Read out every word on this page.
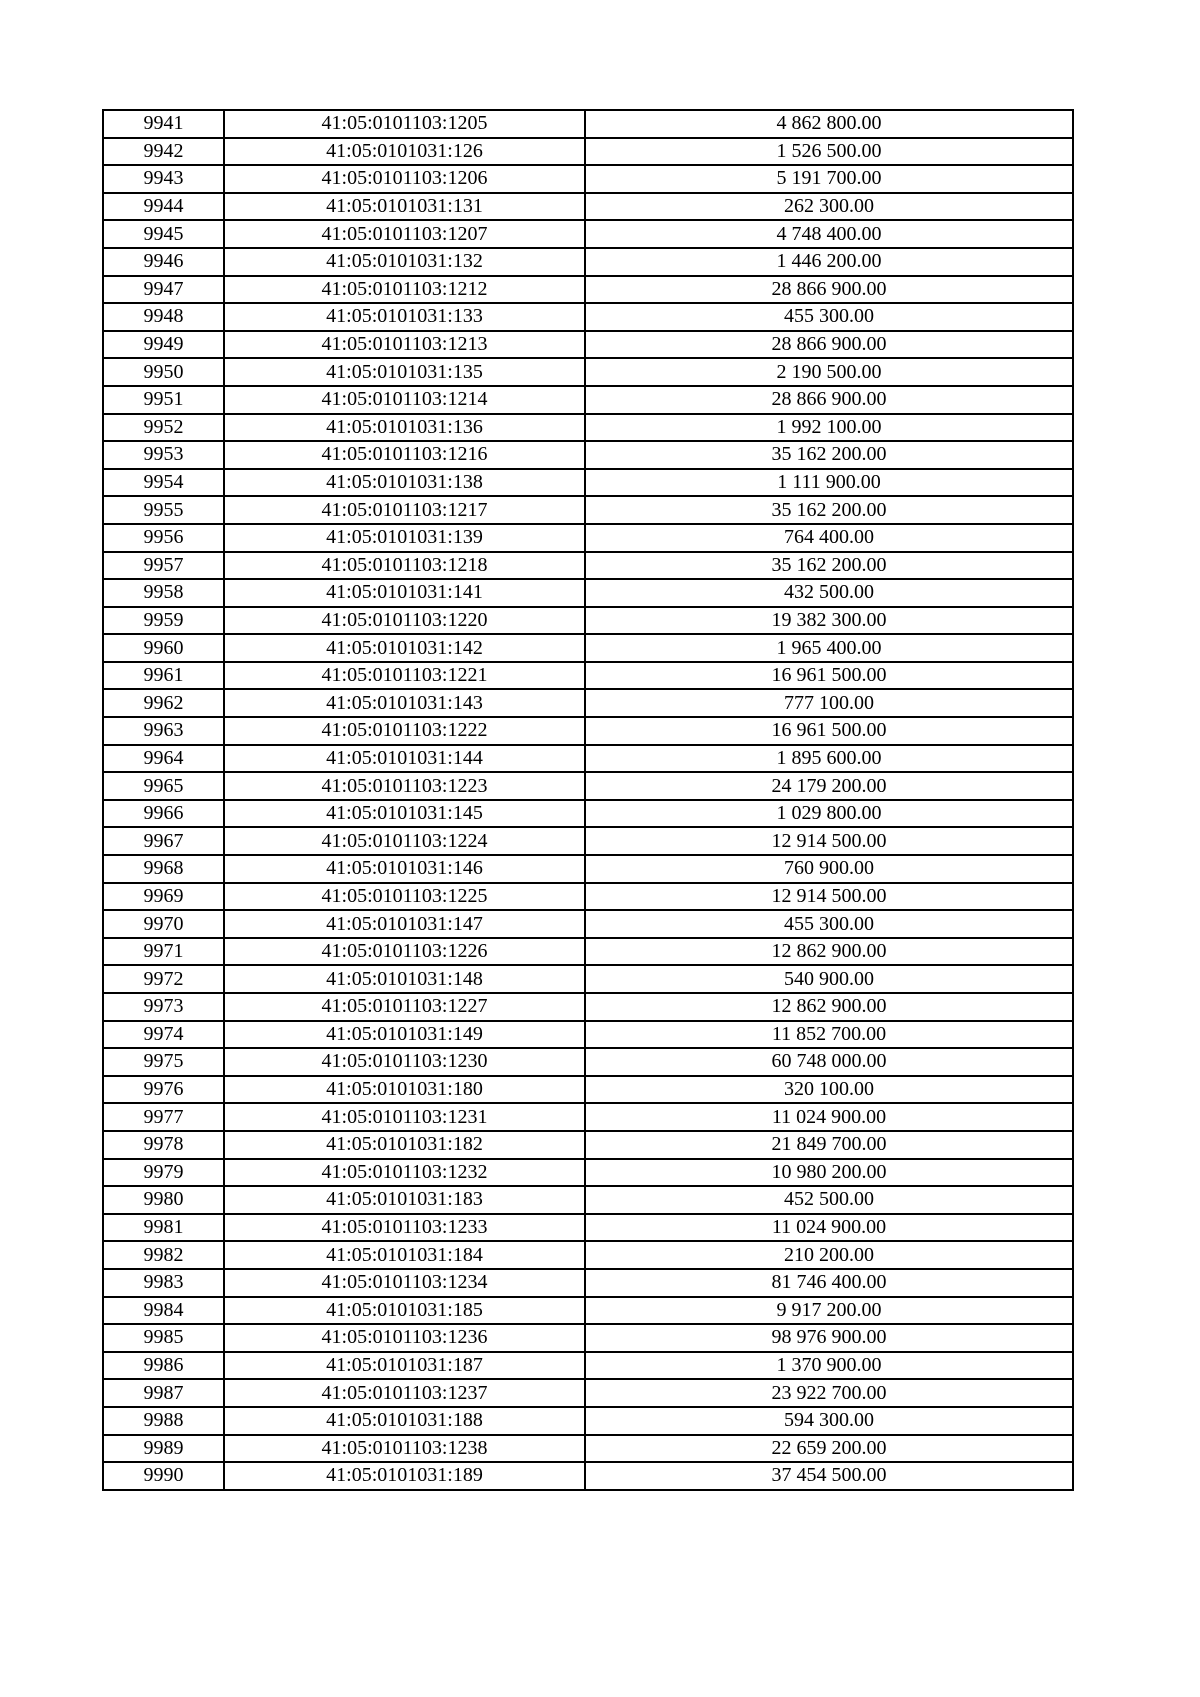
9941	41:05:0101103:1205	4 862 800.00
9942	41:05:0101031:126	1 526 500.00
9943	41:05:0101103:1206	5 191 700.00
9944	41:05:0101031:131	262 300.00
9945	41:05:0101103:1207	4 748 400.00
9946	41:05:0101031:132	1 446 200.00
9947	41:05:0101103:1212	28 866 900.00
9948	41:05:0101031:133	455 300.00
9949	41:05:0101103:1213	28 866 900.00
9950	41:05:0101031:135	2 190 500.00
9951	41:05:0101103:1214	28 866 900.00
9952	41:05:0101031:136	1 992 100.00
9953	41:05:0101103:1216	35 162 200.00
9954	41:05:0101031:138	1 111 900.00
9955	41:05:0101103:1217	35 162 200.00
9956	41:05:0101031:139	764 400.00
9957	41:05:0101103:1218	35 162 200.00
9958	41:05:0101031:141	432 500.00
9959	41:05:0101103:1220	19 382 300.00
9960	41:05:0101031:142	1 965 400.00
9961	41:05:0101103:1221	16 961 500.00
9962	41:05:0101031:143	777 100.00
9963	41:05:0101103:1222	16 961 500.00
9964	41:05:0101031:144	1 895 600.00
9965	41:05:0101103:1223	24 179 200.00
9966	41:05:0101031:145	1 029 800.00
9967	41:05:0101103:1224	12 914 500.00
9968	41:05:0101031:146	760 900.00
9969	41:05:0101103:1225	12 914 500.00
9970	41:05:0101031:147	455 300.00
9971	41:05:0101103:1226	12 862 900.00
9972	41:05:0101031:148	540 900.00
9973	41:05:0101103:1227	12 862 900.00
9974	41:05:0101031:149	11 852 700.00
9975	41:05:0101103:1230	60 748 000.00
9976	41:05:0101031:180	320 100.00
9977	41:05:0101103:1231	11 024 900.00
9978	41:05:0101031:182	21 849 700.00
9979	41:05:0101103:1232	10 980 200.00
9980	41:05:0101031:183	452 500.00
9981	41:05:0101103:1233	11 024 900.00
9982	41:05:0101031:184	210 200.00
9983	41:05:0101103:1234	81 746 400.00
9984	41:05:0101031:185	9 917 200.00
9985	41:05:0101103:1236	98 976 900.00
9986	41:05:0101031:187	1 370 900.00
9987	41:05:0101103:1237	23 922 700.00
9988	41:05:0101031:188	594 300.00
9989	41:05:0101103:1238	22 659 200.00
9990	41:05:0101031:189	37 454 500.00
